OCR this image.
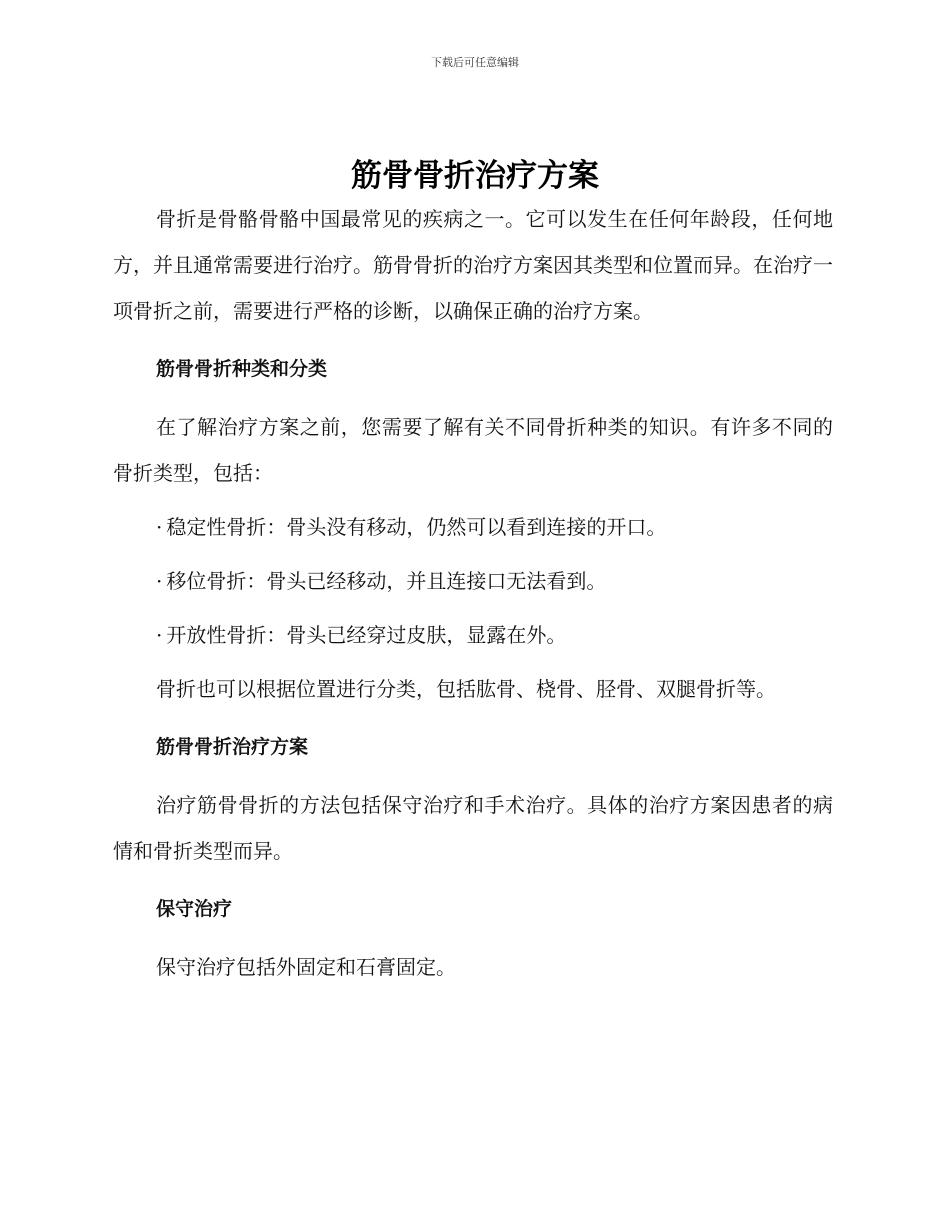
下载后可任意编辑
筋骨骨折治疗方案

骨折是骨骼骨骼中国最常见的疾病之一。它可以发生在任何年龄段，任何地方，并且通常需要进行治疗。筋骨骨折的治疗方案因其类型和位置而异。在治疗一项骨折之前，需要进行严格的诊断，以确保正确的治疗方案。

筋骨骨折种类和分类

在了解治疗方案之前，您需要了解有关不同骨折种类的知识。有许多不同的骨折类型，包括：

· 稳定性骨折：骨头没有移动，仍然可以看到连接的开口。
· 移位骨折：骨头已经移动，并且连接口无法看到。
· 开放性骨折：骨头已经穿过皮肤，显露在外。

骨折也可以根据位置进行分类，包括肱骨、桡骨、胫骨、双腿骨折等。

筋骨骨折治疗方案

治疗筋骨骨折的方法包括保守治疗和手术治疗。具体的治疗方案因患者的病情和骨折类型而异。

保守治疗

保守治疗包括外固定和石膏固定。
